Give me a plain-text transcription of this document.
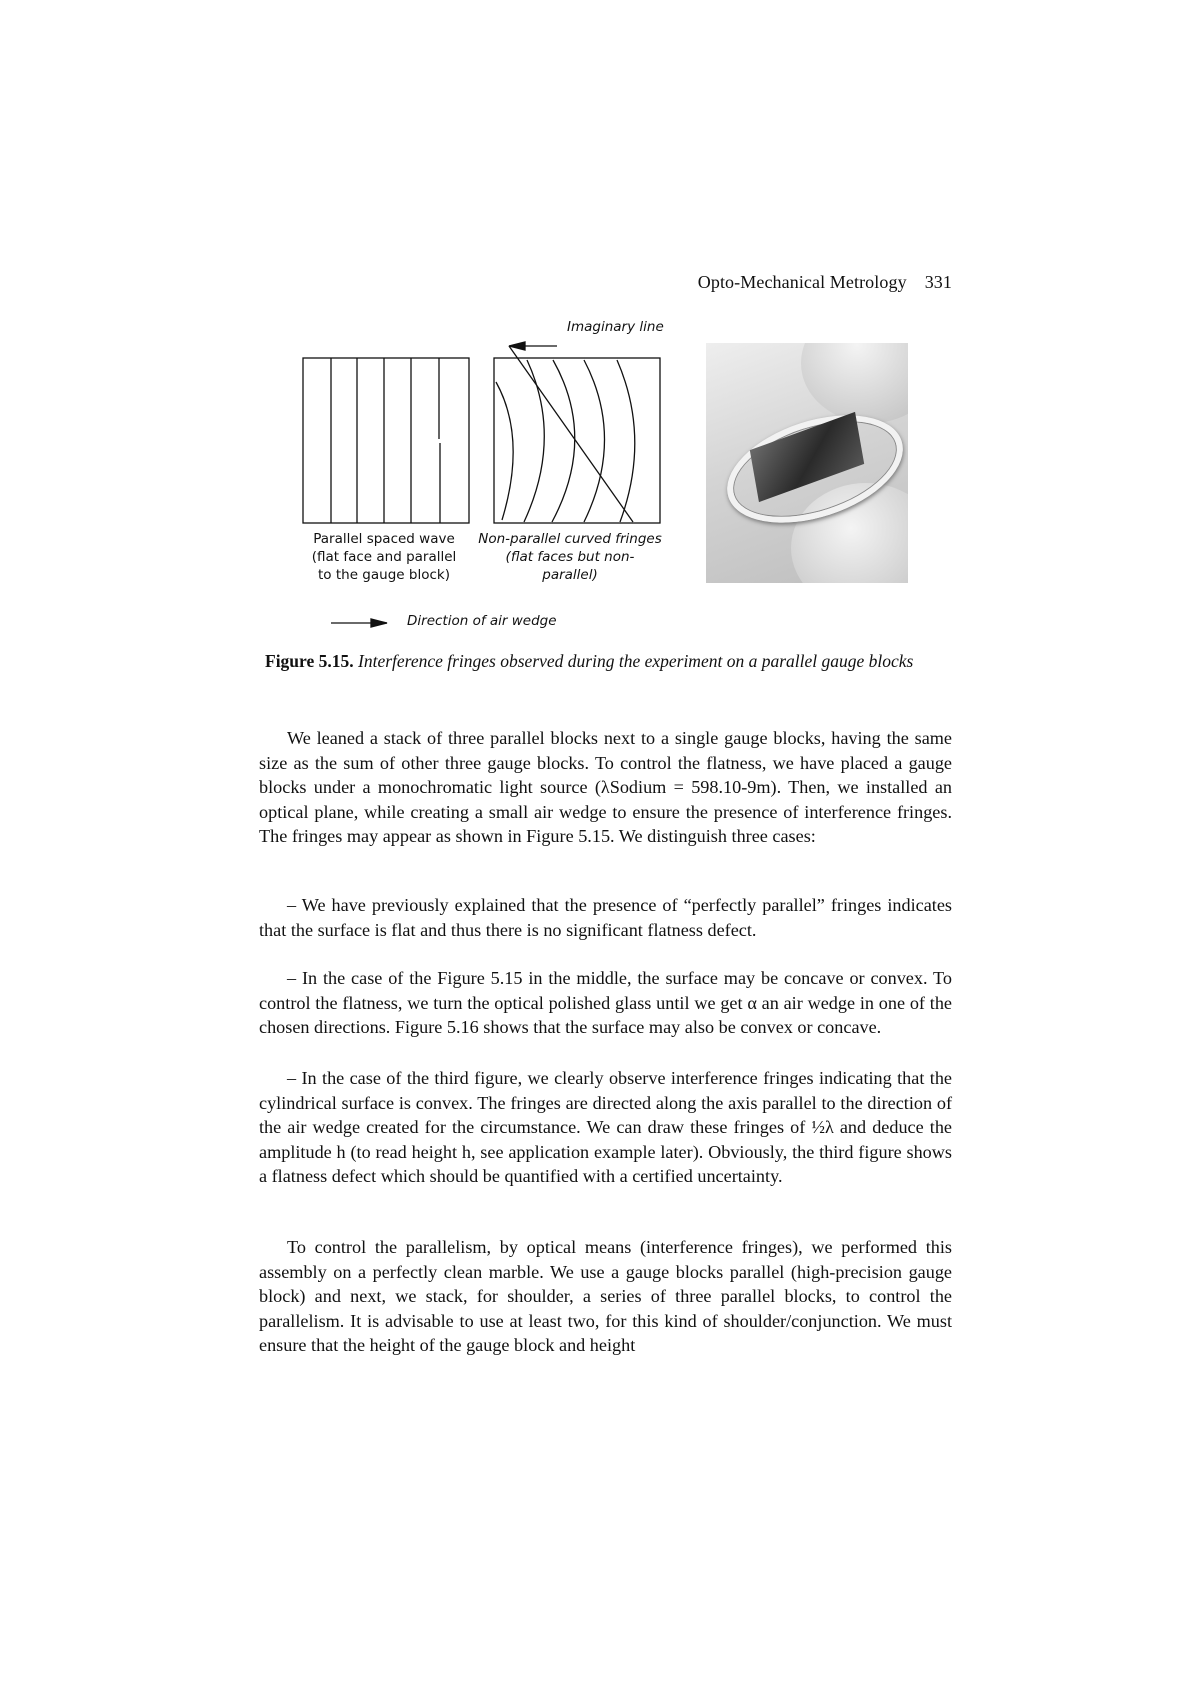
Opto-Mechanical Metrology 331
Imaginary line
Parallel spaced wave
(flat face and parallel
to the gauge block)
Non-parallel curved fringes
(flat faces but non-
parallel)
Direction of air wedge
Figure 5.15. Interference fringes observed during the experiment on a parallel gauge blocks

We leaned a stack of three parallel blocks next to a single gauge blocks, having the same size as the sum of other three gauge blocks. To control the flatness, we have placed a gauge blocks under a monochromatic light source (λSodium = 598.10-9m). Then, we installed an optical plane, while creating a small air wedge to ensure the presence of interference fringes. The fringes may appear as shown in Figure 5.15. We distinguish three cases:

– We have previously explained that the presence of “perfectly parallel” fringes indicates that the surface is flat and thus there is no significant flatness defect.

– In the case of the Figure 5.15 in the middle, the surface may be concave or convex. To control the flatness, we turn the optical polished glass until we get α an air wedge in one of the chosen directions. Figure 5.16 shows that the surface may also be convex or concave.

– In the case of the third figure, we clearly observe interference fringes indicating that the cylindrical surface is convex. The fringes are directed along the axis parallel to the direction of the air wedge created for the circumstance. We can draw these fringes of ½λ and deduce the amplitude h (to read height h, see application example later). Obviously, the third figure shows a flatness defect which should be quantified with a certified uncertainty.

To control the parallelism, by optical means (interference fringes), we performed this assembly on a perfectly clean marble. We use a gauge blocks parallel (high-precision gauge block) and next, we stack, for shoulder, a series of three parallel blocks, to control the parallelism. It is advisable to use at least two, for this kind of shoulder/conjunction. We must ensure that the height of the gauge block and height
